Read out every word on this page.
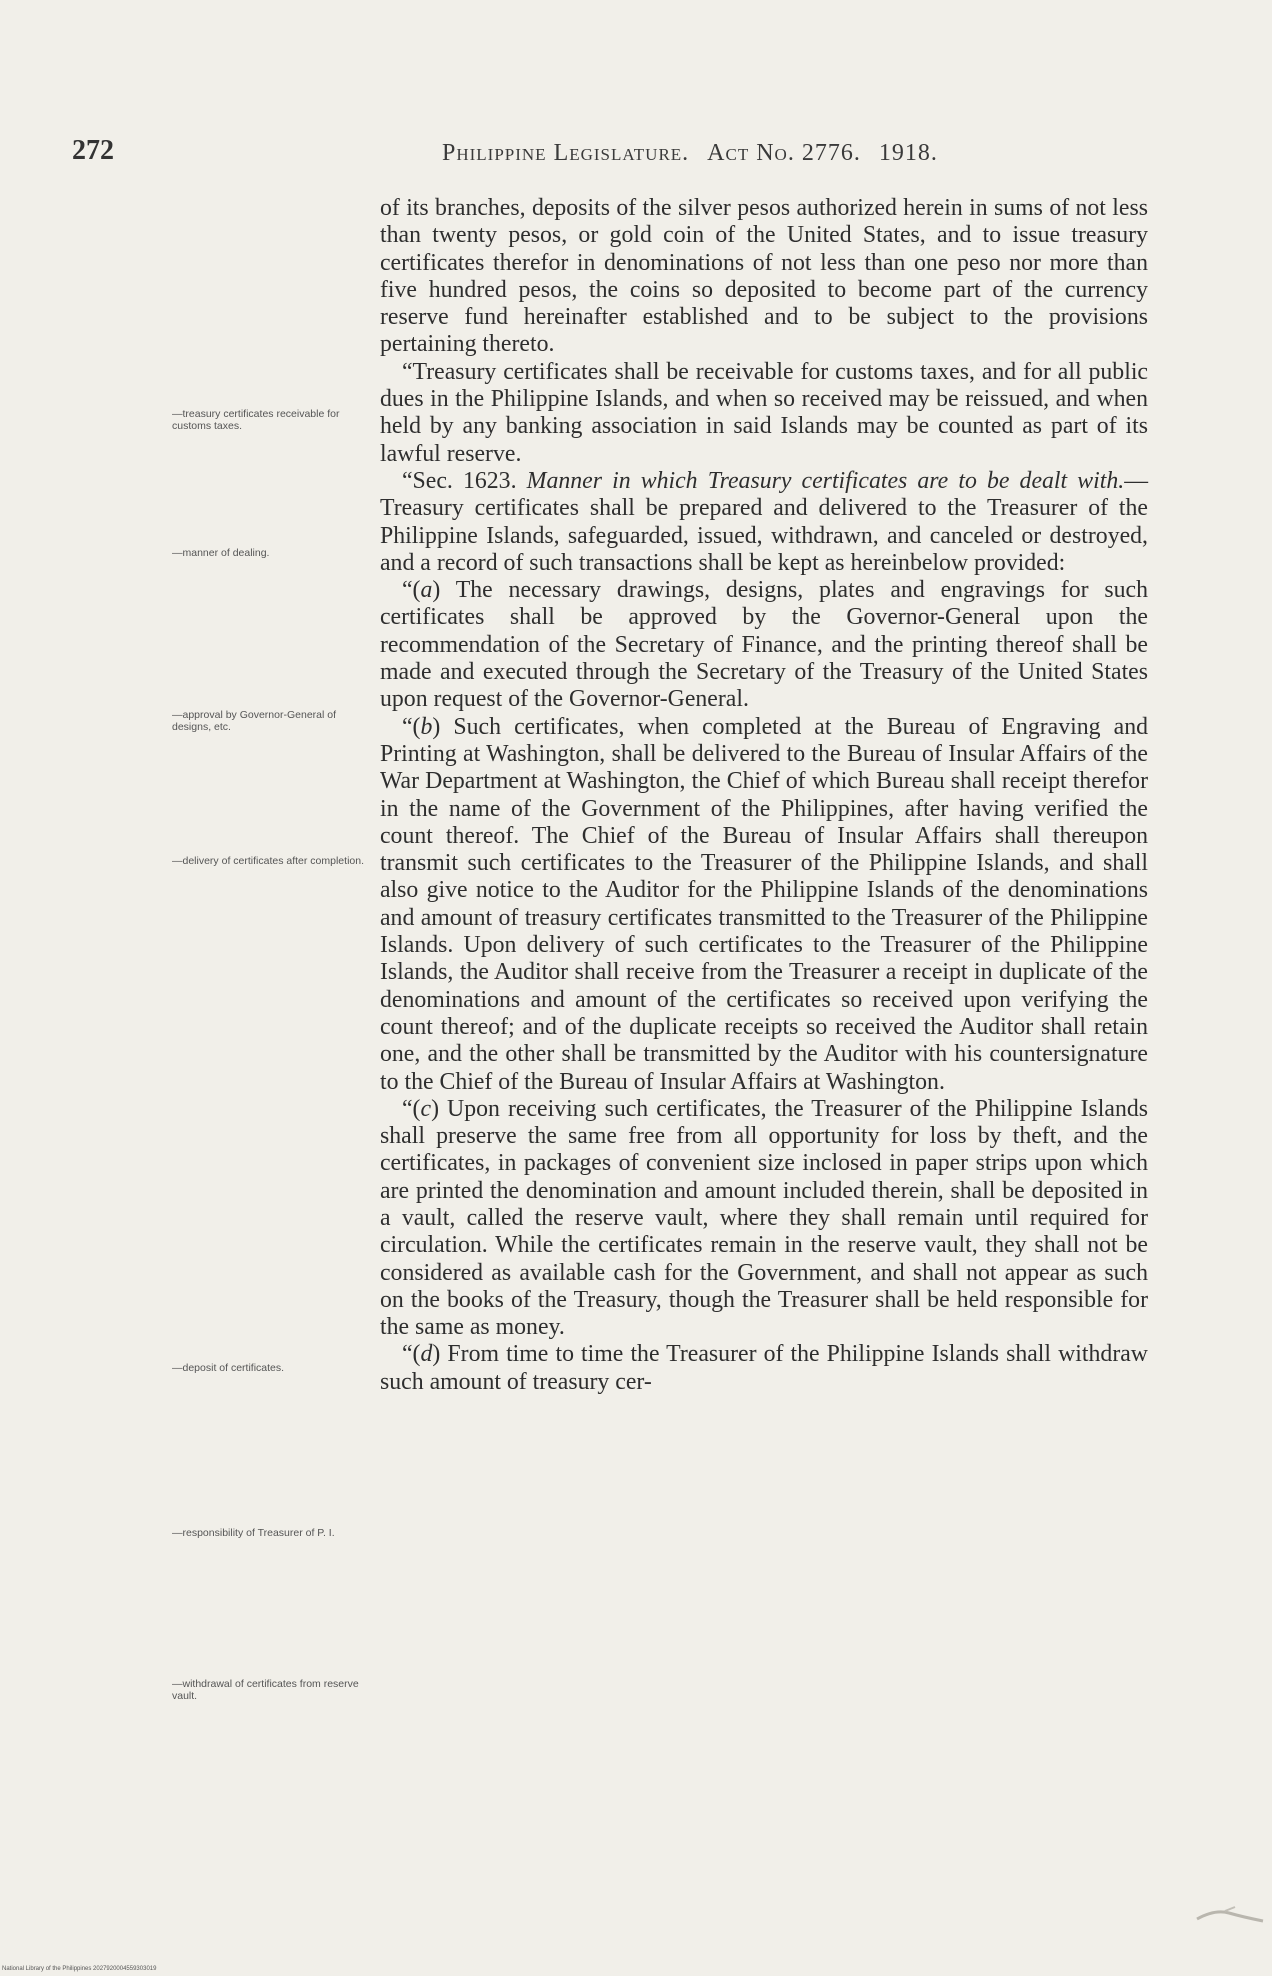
272	Philippine Legislature. Act No. 2776. 1918.

of its branches, deposits of the silver pesos authorized herein in sums of not less than twenty pesos, or gold coin of the United States, and to issue treasury certificates therefor in denominations of not less than one peso nor more than five hundred pesos, the coins so deposited to become part of the currency reserve fund hereinafter established and to be subject to the provisions pertaining thereto.

“Treasury certificates shall be receivable for customs taxes, and for all public dues in the Philippine Islands, and when so received may be reissued, and when held by any banking association in said Islands may be counted as part of its lawful reserve.

“Sec. 1623. Manner in which Treasury certificates are to be dealt with.—Treasury certificates shall be prepared and delivered to the Treasurer of the Philippine Islands, safeguarded, issued, withdrawn, and canceled or destroyed, and a record of such transactions shall be kept as hereinbelow provided:

“(a) The necessary drawings, designs, plates and engravings for such certificates shall be approved by the Governor-General upon the recommendation of the Secretary of Finance, and the printing thereof shall be made and executed through the Secretary of the Treasury of the United States upon request of the Governor-General.

“(b) Such certificates, when completed at the Bureau of Engraving and Printing at Washington, shall be delivered to the Bureau of Insular Affairs of the War Department at Washington, the Chief of which Bureau shall receipt therefor in the name of the Government of the Philippines, after having verified the count thereof. The Chief of the Bureau of Insular Affairs shall thereupon transmit such certificates to the Treasurer of the Philippine Islands, and shall also give notice to the Auditor for the Philippine Islands of the denominations and amount of treasury certificates transmitted to the Treasurer of the Philippine Islands. Upon delivery of such certificates to the Treasurer of the Philippine Islands, the Auditor shall receive from the Treasurer a receipt in duplicate of the denominations and amount of the certificates so received upon verifying the count thereof; and of the duplicate receipts so received the Auditor shall retain one, and the other shall be transmitted by the Auditor with his countersignature to the Chief of the Bureau of Insular Affairs at Washington.

“(c) Upon receiving such certificates, the Treasurer of the Philippine Islands shall preserve the same free from all opportunity for loss by theft, and the certificates, in packages of convenient size inclosed in paper strips upon which are printed the denomination and amount included therein, shall be deposited in a vault, called the reserve vault, where they shall remain until required for circulation. While the certificates remain in the reserve vault, they shall not be considered as available cash for the Government, and shall not appear as such on the books of the Treasury, though the Treasurer shall be held responsible for the same as money.

“(d) From time to time the Treasurer of the Philippine Islands shall withdraw such amount of treasury cer-

—treasury certificates receivable for customs taxes.
—manner of dealing.
—approval by Governor-General of designs, etc.
—delivery of certificates after completion.
—deposit of certificates.
—responsibility of Treasurer of P. I.
—withdrawal of certificates from reserve vault.
National Library of the Philippines 2027920004559303019
